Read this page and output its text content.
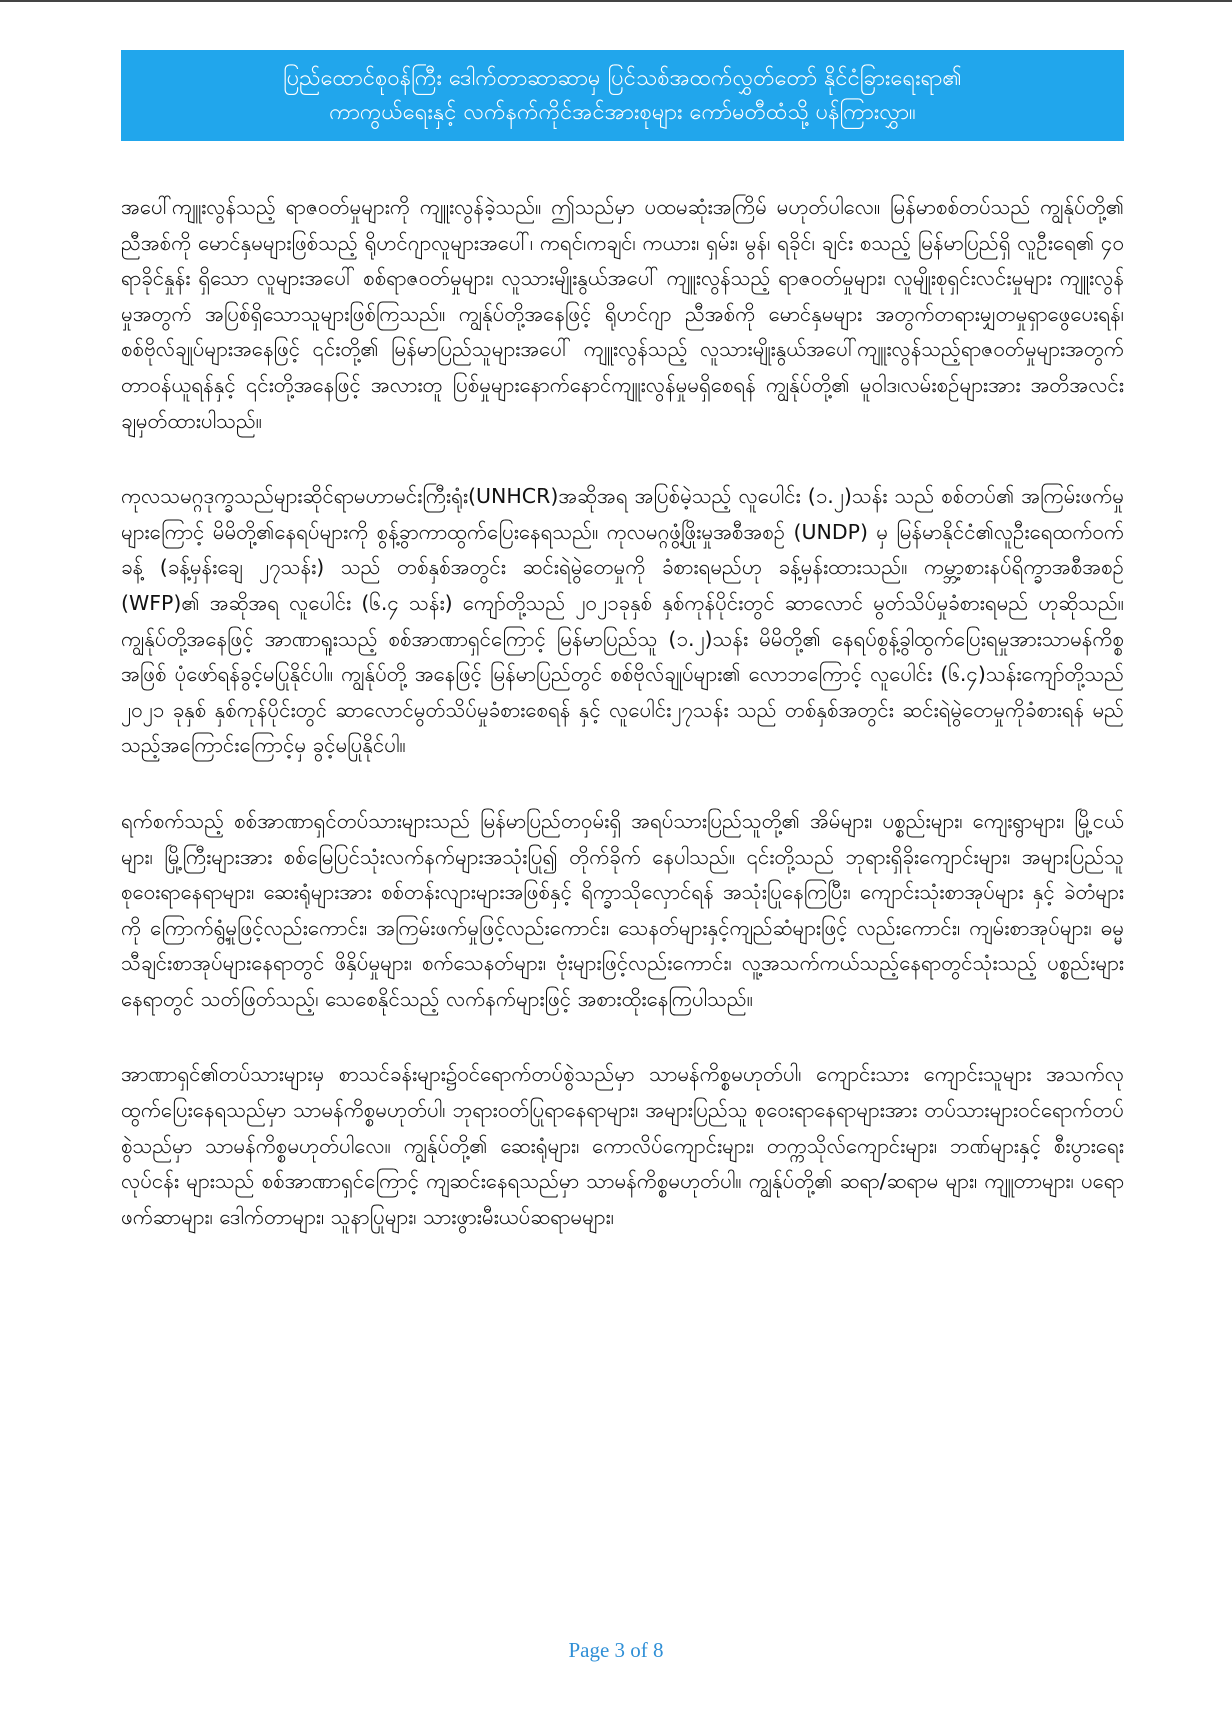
ပြည်ထောင်စုဝန်ကြီး ဒေါက်တာဆာဆာမှ ပြင်သစ်အထက်လွှတ်တော် နိုင်ငံခြားရေးရာ၏
ကာကွယ်ရေးနှင့် လက်နက်ကိုင်အင်အားစုများ ကော်မတီထံသို့ ပန်ကြားလွှာ။

အပေါ်ကျူးလွန်သည့် ရာဇဝတ်မှုများကို ကျူးလွန်ခဲ့သည်။ ဤသည်မှာ ပထမဆုံးအကြိမ် မဟုတ်ပါလေ။ မြန်မာစစ်တပ်သည် ကျွန်ုပ်တို့၏ ညီအစ်ကို မောင်နှမများဖြစ်သည့် ရိုဟင်ဂျာလူများအပေါ်၊ ကရင်၊ကချင်၊ ကယား၊ ရှမ်း၊ မွန်၊ ရခိုင်၊ ချင်း စသည့် မြန်မာပြည်ရှိ လူဦးရေ၏ ၄၀ ရာခိုင်နှုန်း ရှိသော လူများအပေါ် စစ်ရာဇဝတ်မှုများ၊ လူသားမျိုးနွယ်အပေါ် ကျူးလွန်သည့် ရာဇဝတ်မှုများ၊ လူမျိုးစုရှင်းလင်းမှုများ ကျူးလွန်မှုအတွက် အပြစ်ရှိသောသူများဖြစ်ကြသည်။ ကျွန်ုပ်တို့အနေဖြင့် ရိုဟင်ဂျာ ညီအစ်ကို မောင်နှမများ အတွက်တရားမျှတမှုရှာဖွေပေးရန်၊ စစ်ဗိုလ်ချုပ်များအနေဖြင့် ၎င်းတို့၏ မြန်မာပြည်သူများအပေါ် ကျူးလွန်သည့် လူသားမျိုးနွယ်အပေါ်ကျူးလွန်သည့်ရာဇဝတ်မှုများအတွက် တာဝန်ယူရန်နှင့် ၎င်းတို့အနေဖြင့် အလားတူ ပြစ်မှုများနောက်နောင်ကျူးလွန်မှုမရှိစေရန် ကျွန်ုပ်တို့၏ မူဝါဒ၊လမ်းစဉ်များအား အတိအလင်း ချမှတ်ထားပါသည်။

ကုလသမဂ္ဂဒုက္ခသည်များဆိုင်ရာမဟာမင်းကြီးရုံး(UNHCR)အဆိုအရ အပြစ်မဲ့သည့် လူပေါင်း (၁.၂)သန်း သည် စစ်တပ်၏ အကြမ်းဖက်မှုများကြောင့် မိမိတို့၏နေရပ်များကို စွန့်ခွာကာထွက်ပြေးနေရသည်။ ကုလမဂ္ဂဖွံ့ဖြိုးမှုအစီအစဉ် (UNDP) မှ မြန်မာနိုင်ငံ၏လူဦးရေထက်ဝက်ခန့် (ခန့်မှန်းချေ ၂၇သန်း) သည် တစ်နှစ်အတွင်း ဆင်းရဲမွဲတေမှုကို ခံစားရမည်ဟု ခန့်မှန်းထားသည်။ ကမ္ဘာ့စားနပ်ရိက္ခာအစီအစဉ် (WFP)၏ အဆိုအရ လူပေါင်း (၆.၄ သန်း) ကျော်တို့သည် ၂၀၂၁ခုနှစ် နှစ်ကုန်ပိုင်းတွင် ဆာလောင် မွတ်သိပ်မှုခံစားရမည် ဟုဆိုသည်။ ကျွန်ုပ်တို့အနေဖြင့် အာဏာရူးသည့် စစ်အာဏာရှင်ကြောင့် မြန်မာပြည်သူ (၁.၂)သန်း မိမိတို့၏ နေရပ်စွန့်ခွါထွက်ပြေးရမှုအားသာမန်ကိစ္စအဖြစ် ပုံဖော်ရန်ခွင့်မပြုနိုင်ပါ။ ကျွန်ုပ်တို့ အနေဖြင့် မြန်မာပြည်တွင် စစ်ဗိုလ်ချုပ်များ၏ လောဘကြောင့် လူပေါင်း (၆.၄)သန်းကျော်တို့သည် ၂၀၂၁ ခုနှစ် နှစ်ကုန်ပိုင်းတွင် ဆာလောင်မွတ်သိပ်မှုခံစားစေရန် နှင့် လူပေါင်း၂၇သန်း သည် တစ်နှစ်အတွင်း ဆင်းရဲမွဲတေမှုကိုခံစားရန် မည်သည့်အကြောင်းကြောင့်မှ ခွင့်မပြုနိုင်ပါ။

ရက်စက်သည့် စစ်အာဏာရှင်တပ်သားများသည် မြန်မာပြည်တဝှမ်းရှိ အရပ်သားပြည်သူတို့၏ အိမ်များ၊ ပစ္စည်းများ၊ ကျေးရွာများ၊ မြို့ငယ်များ၊ မြို့ကြီးများအား စစ်မြေပြင်သုံးလက်နက်များအသုံးပြု၍ တိုက်ခိုက် နေပါသည်။ ၎င်းတို့သည် ဘုရားရှိခိုးကျောင်းများ၊ အများပြည်သူစုဝေးရာနေရာများ၊ ဆေးရုံများအား စစ်တန်းလျားများအဖြစ်နှင့် ရိက္ခာသိုလှောင်ရန် အသုံးပြုနေကြပြီး၊ ကျောင်းသုံးစာအုပ်များ နှင့် ခဲတံများကို ကြောက်ရွံ့မှုဖြင့်လည်းကောင်း၊ အကြမ်းဖက်မှုဖြင့်လည်းကောင်း၊ သေနတ်များနှင့်ကျည်ဆံများဖြင့် လည်းကောင်း၊ ကျမ်းစာအုပ်များ၊ ဓမ္မသီချင်းစာအုပ်များနေရာတွင် ဖိနှိပ်မှုများ၊ စက်သေနတ်များ၊ ဗုံးများဖြင့်လည်းကောင်း၊ လူ့အသက်ကယ်သည့်နေရာတွင်သုံးသည့် ပစ္စည်းများနေရာတွင် သတ်ဖြတ်သည့်၊ သေစေနိုင်သည့် လက်နက်များဖြင့် အစားထိုးနေကြပါသည်။

အာဏာရှင်၏တပ်သားများမှ စာသင်ခန်းများ၌ဝင်ရောက်တပ်စွဲသည်မှာ သာမန်ကိစ္စမဟုတ်ပါ၊ ကျောင်းသား ကျောင်းသူများ အသက်လုထွက်ပြေးနေရသည်မှာ သာမန်ကိစ္စမဟုတ်ပါ၊ ဘုရားဝတ်ပြုရာနေရာများ၊ အများပြည်သူ စုဝေးရာနေရာများအား တပ်သားများဝင်ရောက်တပ်စွဲသည်မှာ သာမန်ကိစ္စမဟုတ်ပါလေ။ ကျွန်ုပ်တို့၏ ဆေးရုံများ၊ ကောလိပ်ကျောင်းများ၊ တက္ကသိုလ်ကျောင်းများ၊ ဘဏ်များနှင့် စီးပွားရေးလုပ်ငန်း များသည် စစ်အာဏာရှင်ကြောင့် ကျဆင်းနေရသည်မှာ သာမန်ကိစ္စမဟုတ်ပါ။ ကျွန်ုပ်တို့၏ ဆရာ/ဆရာမ များ၊ ကျူတာများ၊ ပရောဖက်ဆာများ၊ ဒေါက်တာများ၊ သူနာပြုများ၊ သားဖွားမီးယပ်ဆရာမများ၊

Page 3 of 8
